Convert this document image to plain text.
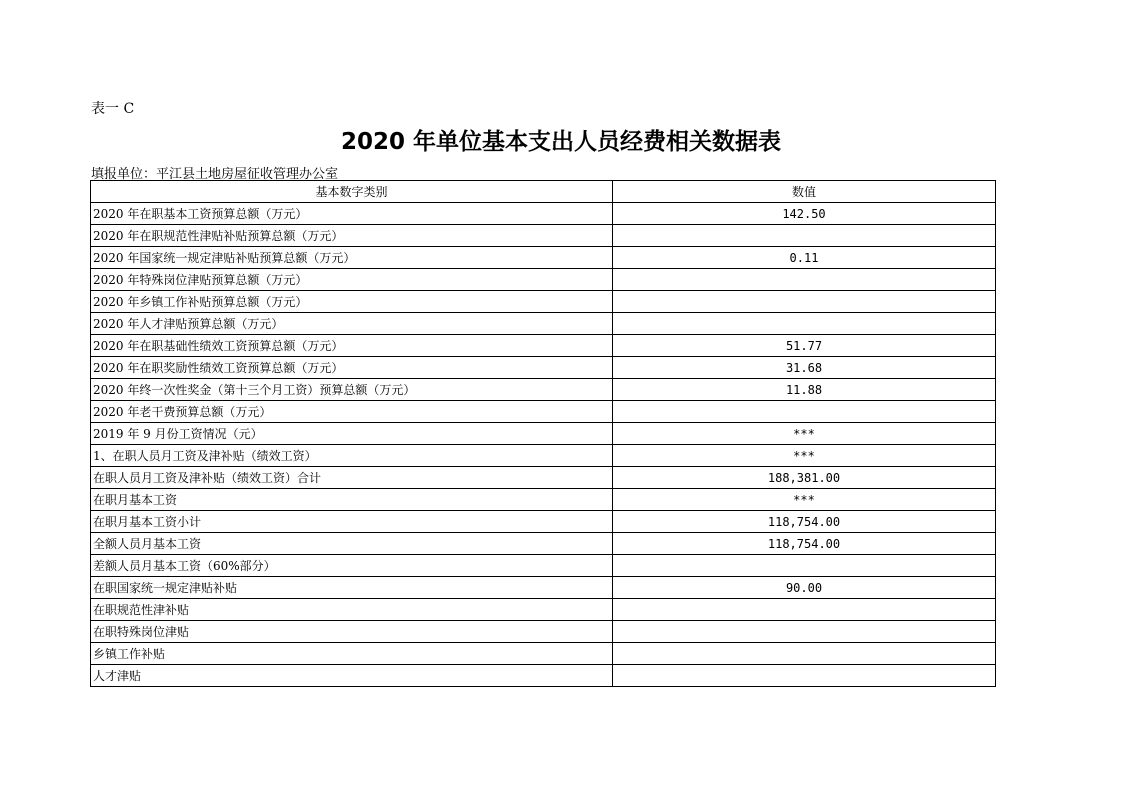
表一 C
2020 年单位基本支出人员经费相关数据表
填报单位：平江县土地房屋征收管理办公室
基本数字类别	数值
2020 年在职基本工资预算总额（万元）	142.50
2020 年在职规范性津贴补贴预算总额（万元）	
2020 年国家统一规定津贴补贴预算总额（万元）	0.11
2020 年特殊岗位津贴预算总额（万元）	
2020 年乡镇工作补贴预算总额（万元）	
2020 年人才津贴预算总额（万元）	
2020 年在职基础性绩效工资预算总额（万元）	51.77
2020 年在职奖励性绩效工资预算总额（万元）	31.68
2020 年终一次性奖金（第十三个月工资）预算总额（万元）	11.88
2020 年老干费预算总额（万元）	
2019 年 9 月份工资情况（元）	***
1、在职人员月工资及津补贴（绩效工资）	***
在职人员月工资及津补贴（绩效工资）合计	188,381.00
在职月基本工资	***
在职月基本工资小计	118,754.00
全额人员月基本工资	118,754.00
差额人员月基本工资（60%部分）	
在职国家统一规定津贴补贴	90.00
在职规范性津补贴	
在职特殊岗位津贴	
乡镇工作补贴	
人才津贴	
